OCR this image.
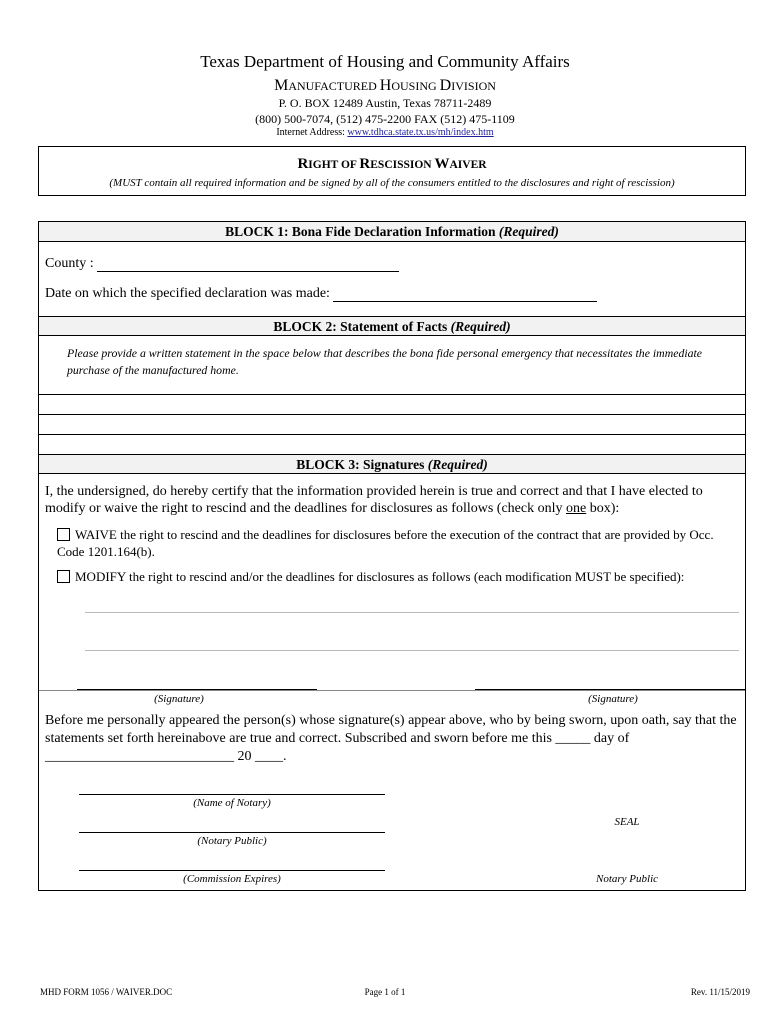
Texas Department of Housing and Community Affairs
MANUFACTURED HOUSING DIVISION
P. O. BOX 12489 Austin, Texas 78711-2489
(800) 500-7074, (512) 475-2200 FAX (512) 475-1109
Internet Address: www.tdhca.state.tx.us/mh/index.htm
RIGHT OF RESCISSION WAIVER
(MUST contain all required information and be signed by all of the consumers entitled to the disclosures and right of rescission)
BLOCK 1: Bona Fide Declaration Information (Required)
County :
Date on which the specified declaration was made:
BLOCK 2: Statement of Facts (Required)
Please provide a written statement in the space below that describes the bona fide personal emergency that necessitates the immediate purchase of the manufactured home.
BLOCK 3: Signatures (Required)
I, the undersigned, do hereby certify that the information provided herein is true and correct and that I have elected to modify or waive the right to rescind and the deadlines for disclosures as follows (check only one box):
WAIVE the right to rescind and the deadlines for disclosures before the execution of the contract that are provided by Occ. Code 1201.164(b).
MODIFY the right to rescind and/or the deadlines for disclosures as follows (each modification MUST be specified):
(Signature)	(Signature)
Before me personally appeared the person(s) whose signature(s) appear above, who by being sworn, upon oath, say that the statements set forth hereinabove are true and correct. Subscribed and sworn before me this _____ day of ___________________________ 20 ____.
(Name of Notary)
(Notary Public)
(Commission Expires)
SEAL
Notary Public
MHD FORM 1056 / WAIVER.DOC	Page 1 of 1	Rev. 11/15/2019
